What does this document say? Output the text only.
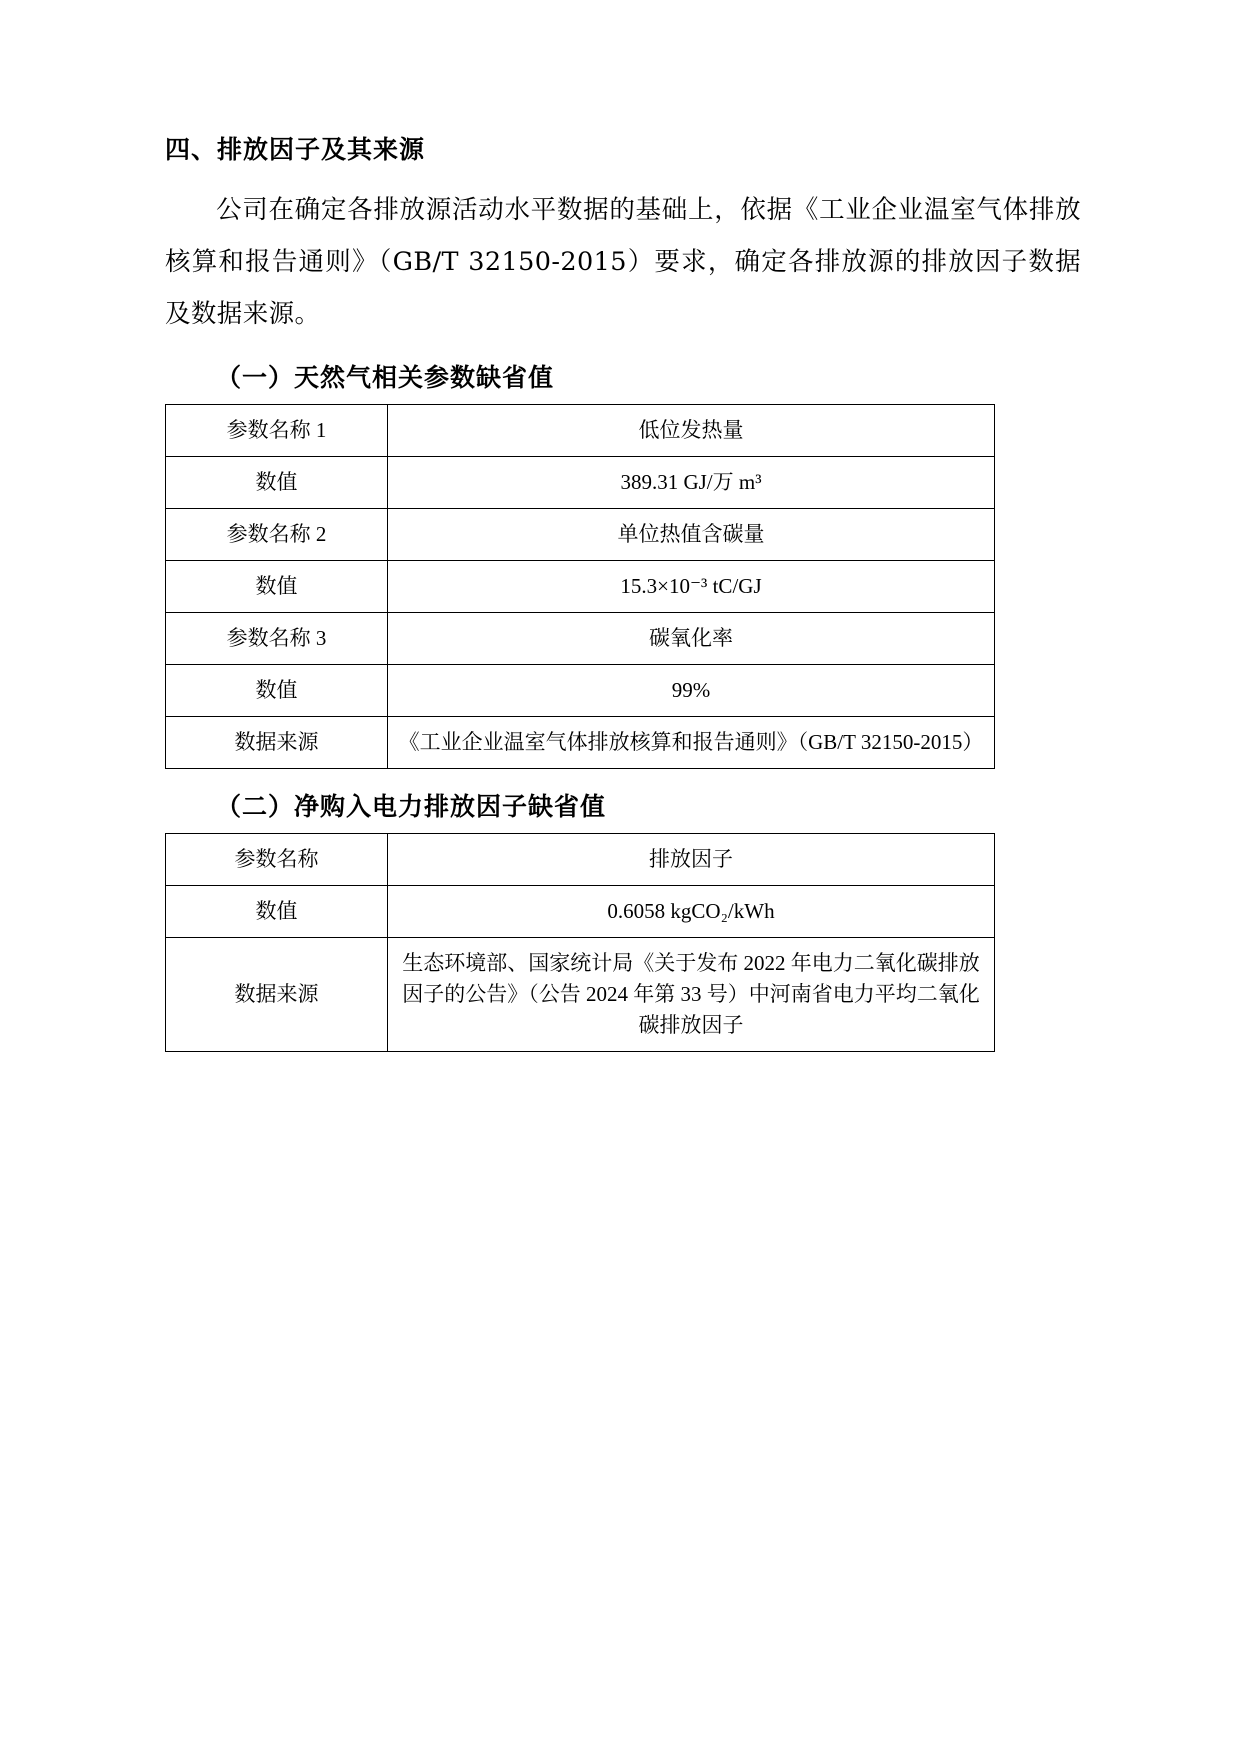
四、排放因子及其来源

公司在确定各排放源活动水平数据的基础上，依据《工业企业温室气体排放核算和报告通则》（GB/T 32150-2015）要求，确定各排放源的排放因子数据及数据来源。

（一）天然气相关参数缺省值
参数名称 1	低位发热量
数值	389.31 GJ/万 m³
参数名称 2	单位热值含碳量
数值	15.3×10⁻³ tC/GJ
参数名称 3	碳氧化率
数值	99%
数据来源	《工业企业温室气体排放核算和报告通则》（GB/T 32150-2015）
（二）净购入电力排放因子缺省值
参数名称	排放因子
数值	0.6058 kgCO₂/kWh
数据来源	生态环境部、国家统计局《关于发布 2022 年电力二氧化碳排放因子的公告》（公告 2024 年第 33 号）中河南省电力平均二氧化碳排放因子
